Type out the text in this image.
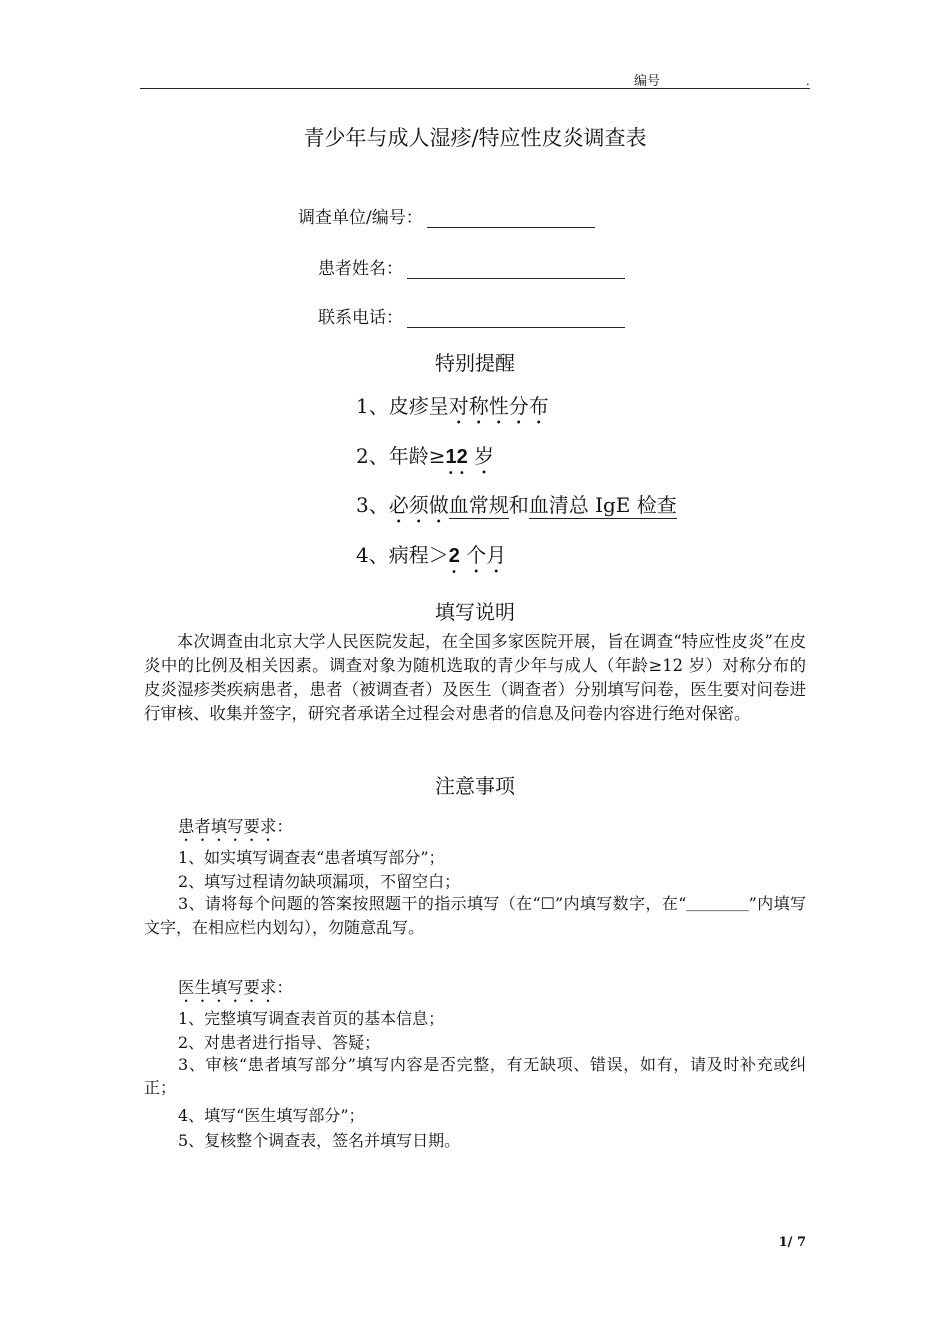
编号	.
青少年与成人湿疹/特应性皮炎调查表
调查单位/编号：
患者姓名：
联系电话：
特别提醒
1、皮疹呈对称性分布
2、年龄≥12 岁
3、必须做血常规和血清总 IgE 检查
4、病程＞2 个月
填写说明

本次调查由北京大学人民医院发起，在全国多家医院开展，旨在调查“特应性皮炎”在皮炎中的比例及相关因素。调查对象为随机选取的青少年与成人（年龄≥12 岁）对称分布的皮炎湿疹类疾病患者，患者（被调查者）及医生（调查者）分别填写问卷，医生要对问卷进行审核、收集并签字，研究者承诺全过程会对患者的信息及问卷内容进行绝对保密。

注意事项
患者填写要求：
1、如实填写调查表“患者填写部分”；
2、填写过程请勿缺项漏项，不留空白；
3、请将每个问题的答案按照题干的指示填写（在“☐”内填写数字，在“_______”内填写文字，在相应栏内划勾），勿随意乱写。
医生填写要求：
1、完整填写调查表首页的基本信息；
2、对患者进行指导、答疑；
3、审核“患者填写部分”填写内容是否完整，有无缺项、错误，如有，请及时补充或纠正；
4、填写“医生填写部分”；
5、复核整个调查表，签名并填写日期。
1/ 7
